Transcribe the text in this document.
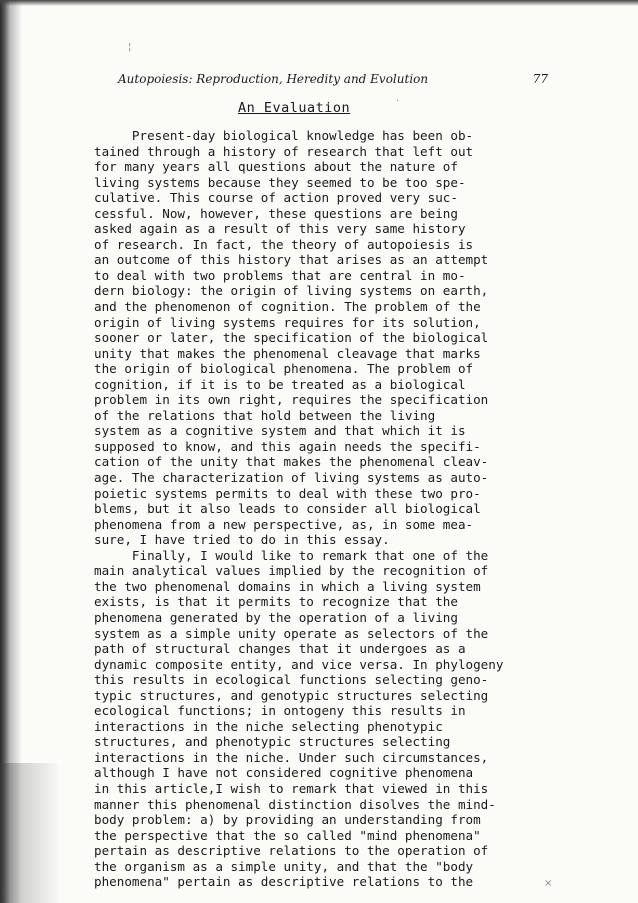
¦
·
×
Autopoiesis: Reproduction, Heredity and Evolution	77
An Evaluation
Present-day biological knowledge has been ob-
tained through a history of research that left out
for many years all questions about the nature of
living systems because they seemed to be too spe-
culative. This course of action proved very suc-
cessful. Now, however, these questions are being
asked again as a result of this very same history
of research. In fact, the theory of autopoiesis is
an outcome of this history that arises as an attempt
to deal with two problems that are central in mo-
dern biology: the origin of living systems on earth,
and the phenomenon of cognition. The problem of the
origin of living systems requires for its solution,
sooner or later, the specification of the biological
unity that makes the phenomenal cleavage that marks
the origin of biological phenomena. The problem of
cognition, if it is to be treated as a biological
problem in its own right, requires the specification
of the relations that hold between the living
system as a cognitive system and that which it is
supposed to know, and this again needs the specifi-
cation of the unity that makes the phenomenal cleav-
age. The characterization of living systems as auto-
poietic systems permits to deal with these two pro-
blems, but it also leads to consider all biological
phenomena from a new perspective, as, in some mea-
sure, I have tried to do in this essay.
Finally, I would like to remark that one of the
main analytical values implied by the recognition of
the two phenomenal domains in which a living system
exists, is that it permits to recognize that the
phenomena generated by the operation of a living
system as a simple unity operate as selectors of the
path of structural changes that it undergoes as a
dynamic composite entity, and vice versa. In phylogeny
this results in ecological functions selecting geno-
typic structures, and genotypic structures selecting
ecological functions; in ontogeny this results in
interactions in the niche selecting phenotypic
structures, and phenotypic structures selecting
interactions in the niche. Under such circumstances,
although I have not considered cognitive phenomena
in this article,I wish to remark that viewed in this
manner this phenomenal distinction disolves the mind-
body problem: a) by providing an understanding from
the perspective that the so called "mind phenomena"
pertain as descriptive relations to the operation of
the organism as a simple unity, and that the "body
phenomena" pertain as descriptive relations to the
